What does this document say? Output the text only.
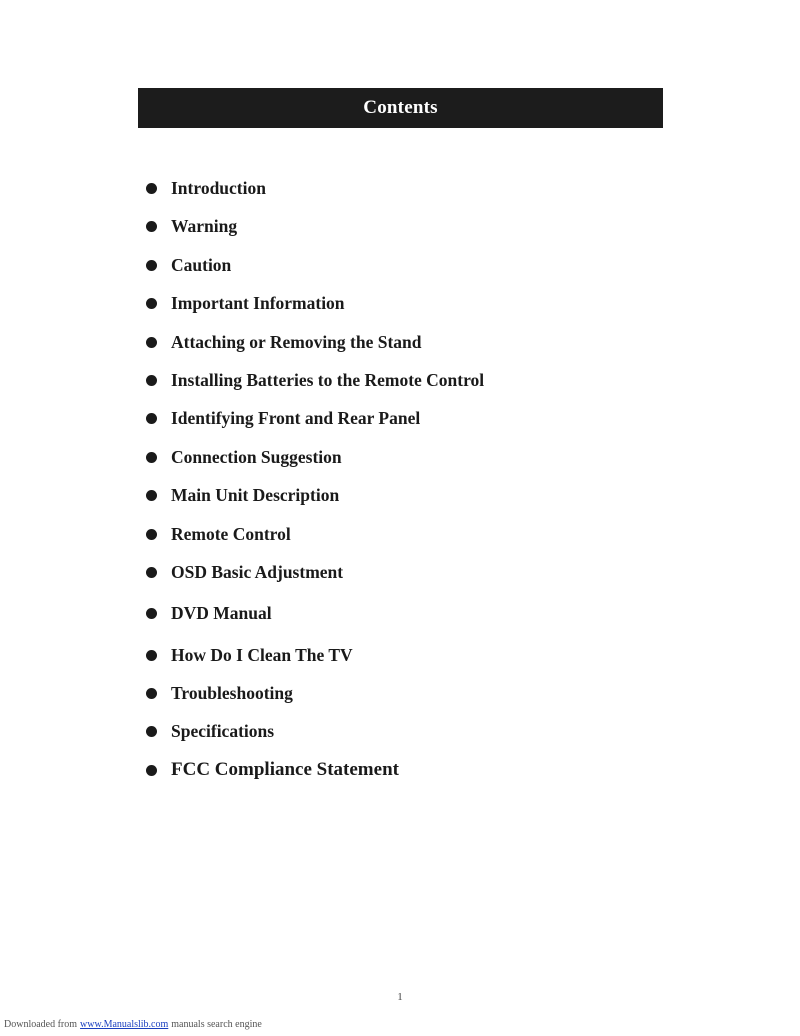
Contents
Introduction
Warning
Caution
Important Information
Attaching or Removing the Stand
Installing Batteries to the Remote Control
Identifying Front and Rear Panel
Connection Suggestion
Main Unit Description
Remote Control
OSD Basic Adjustment
DVD Manual
How Do I Clean The TV
Troubleshooting
Specifications
FCC Compliance Statement
1
Downloaded from www.Manualslib.com manuals search engine
